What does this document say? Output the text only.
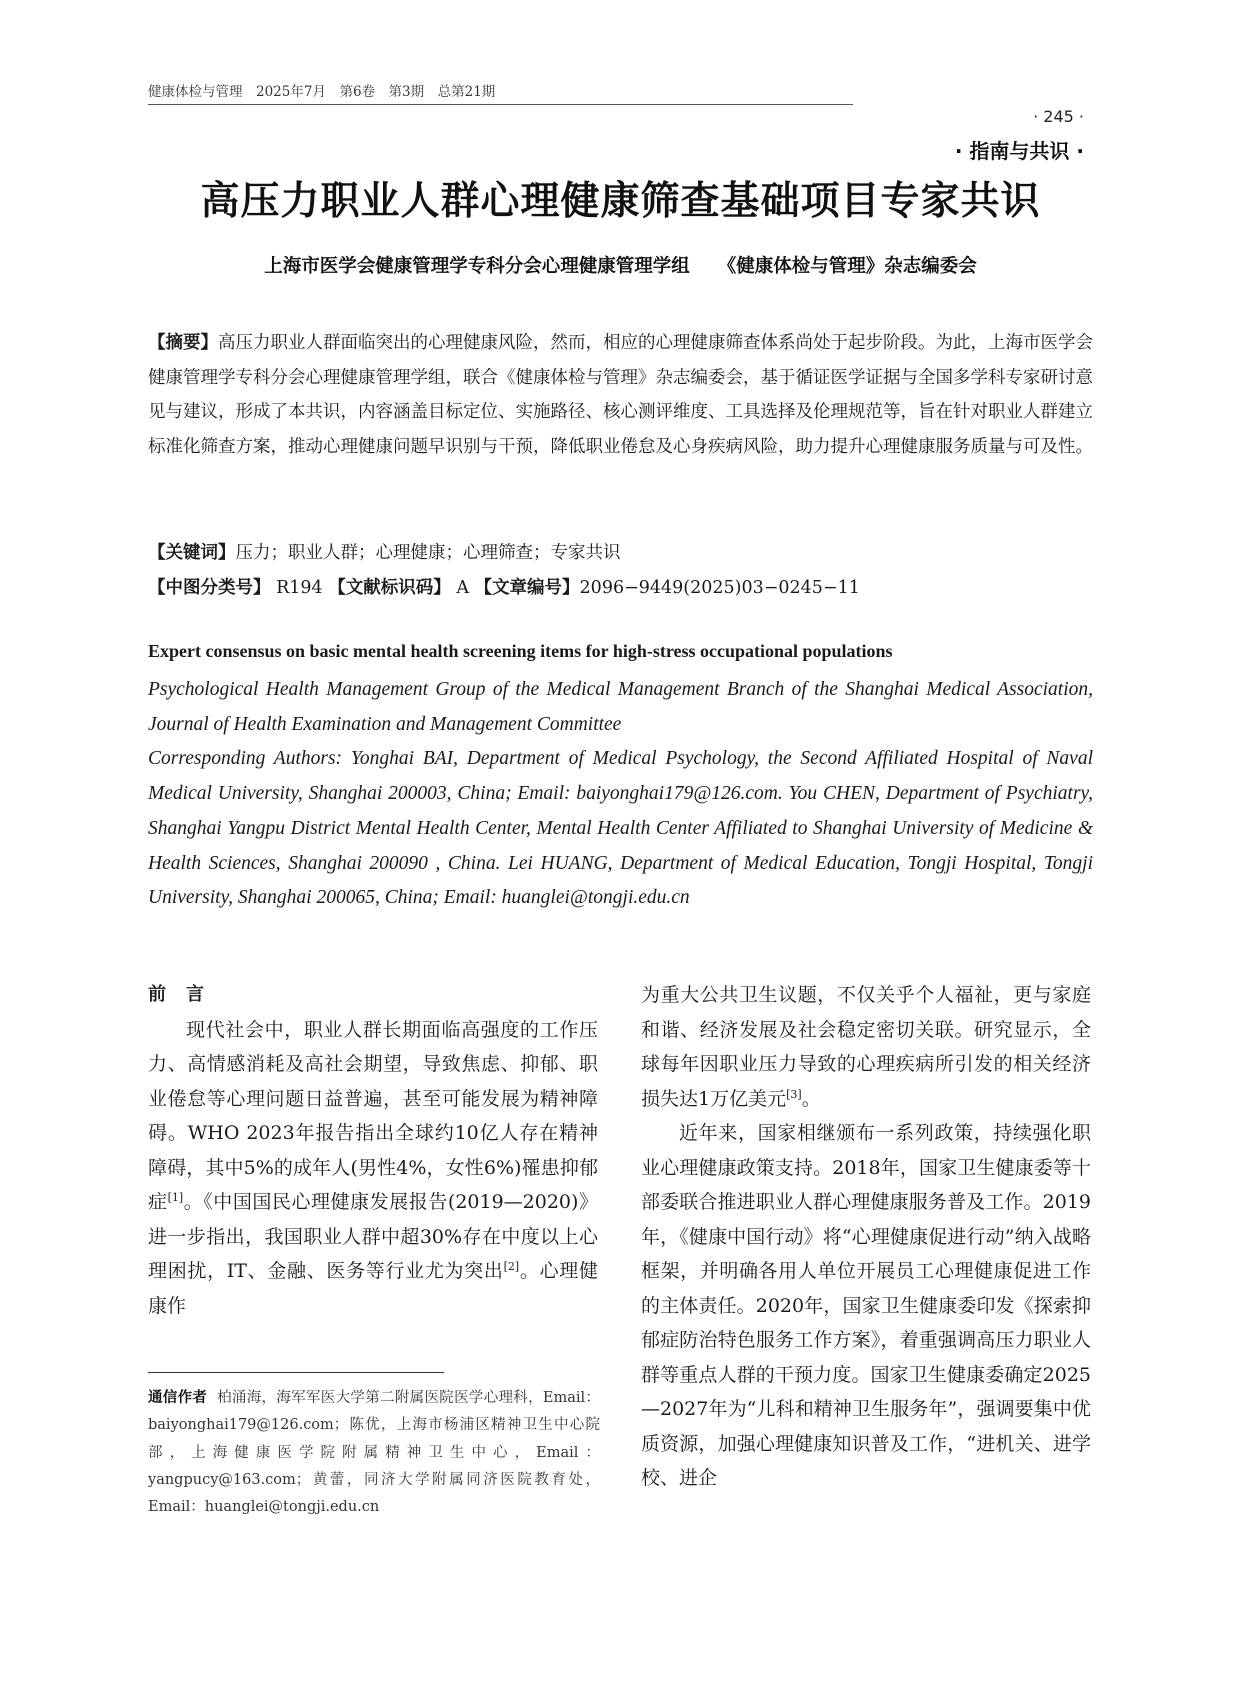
健康体检与管理　2025年7月　第6卷　第3期　总第21期
· 245 ·
· 指南与共识 ·
高压力职业人群心理健康筛查基础项目专家共识
上海市医学会健康管理学专科分会心理健康管理学组 《健康体检与管理》杂志编委会
【摘要】高压力职业人群面临突出的心理健康风险，然而，相应的心理健康筛查体系尚处于起步阶段。为此，上海市医学会健康管理学专科分会心理健康管理学组，联合《健康体检与管理》杂志编委会，基于循证医学证据与全国多学科专家研讨意见与建议，形成了本共识，内容涵盖目标定位、实施路径、核心测评维度、工具选择及伦理规范等，旨在针对职业人群建立标准化筛查方案，推动心理健康问题早识别与干预，降低职业倦怠及心身疾病风险，助力提升心理健康服务质量与可及性。
【关键词】压力；职业人群；心理健康；心理筛查；专家共识
【中图分类号】 R194 【文献标识码】 A 【文章编号】2096−9449(2025)03−0245−11
Expert consensus on basic mental health screening items for high-stress occupational populations

Psychological Health Management Group of the Medical Management Branch of the Shanghai Medical Association, Journal of Health Examination and Management Committee

Corresponding Authors: Yonghai BAI, Department of Medical Psychology, the Second Affiliated Hospital of Naval Medical University, Shanghai 200003, China; Email: baiyonghai179@126.com. You CHEN, Department of Psychiatry, Shanghai Yangpu District Mental Health Center, Mental Health Center Affiliated to Shanghai University of Medicine & Health Sciences, Shanghai 200090 , China. Lei HUANG, Department of Medical Education, Tongji Hospital, Tongji University, Shanghai 200065, China; Email: huanglei@tongji.edu.cn

前言

现代社会中，职业人群长期面临高强度的工作压力、高情感消耗及高社会期望，导致焦虑、抑郁、职业倦怠等心理问题日益普遍，甚至可能发展为精神障碍。WHO 2023年报告指出全球约10亿人存在精神障碍，其中5%的成年人(男性4%，女性6%)罹患抑郁症[1]。《中国国民心理健康发展报告(2019—2020)》进一步指出，我国职业人群中超30%存在中度以上心理困扰，IT、金融、医务等行业尤为突出[2]。心理健康作

为重大公共卫生议题，不仅关乎个人福祉，更与家庭和谐、经济发展及社会稳定密切关联。研究显示，全球每年因职业压力导致的心理疾病所引发的相关经济损失达1万亿美元[3]。

近年来，国家相继颁布一系列政策，持续强化职业心理健康政策支持。2018年，国家卫生健康委等十部委联合推进职业人群心理健康服务普及工作。2019年，《健康中国行动》将“心理健康促进行动”纳入战略框架，并明确各用人单位开展员工心理健康促进工作的主体责任。2020年，国家卫生健康委印发《探索抑郁症防治特色服务工作方案》，着重强调高压力职业人群等重点人群的干预力度。国家卫生健康委确定2025—2027年为“儿科和精神卫生服务年”，强调要集中优质资源，加强心理健康知识普及工作，“进机关、进学校、进企

通信作者 柏涌海，海军军医大学第二附属医院医学心理科，Email：baiyonghai179@126.com；陈优，上海市杨浦区精神卫生中心院部，上海健康医学院附属精神卫生中心，Email：yangpucy@163.com；黄蕾，同济大学附属同济医院教育处，Email：huanglei@tongji.edu.cn
